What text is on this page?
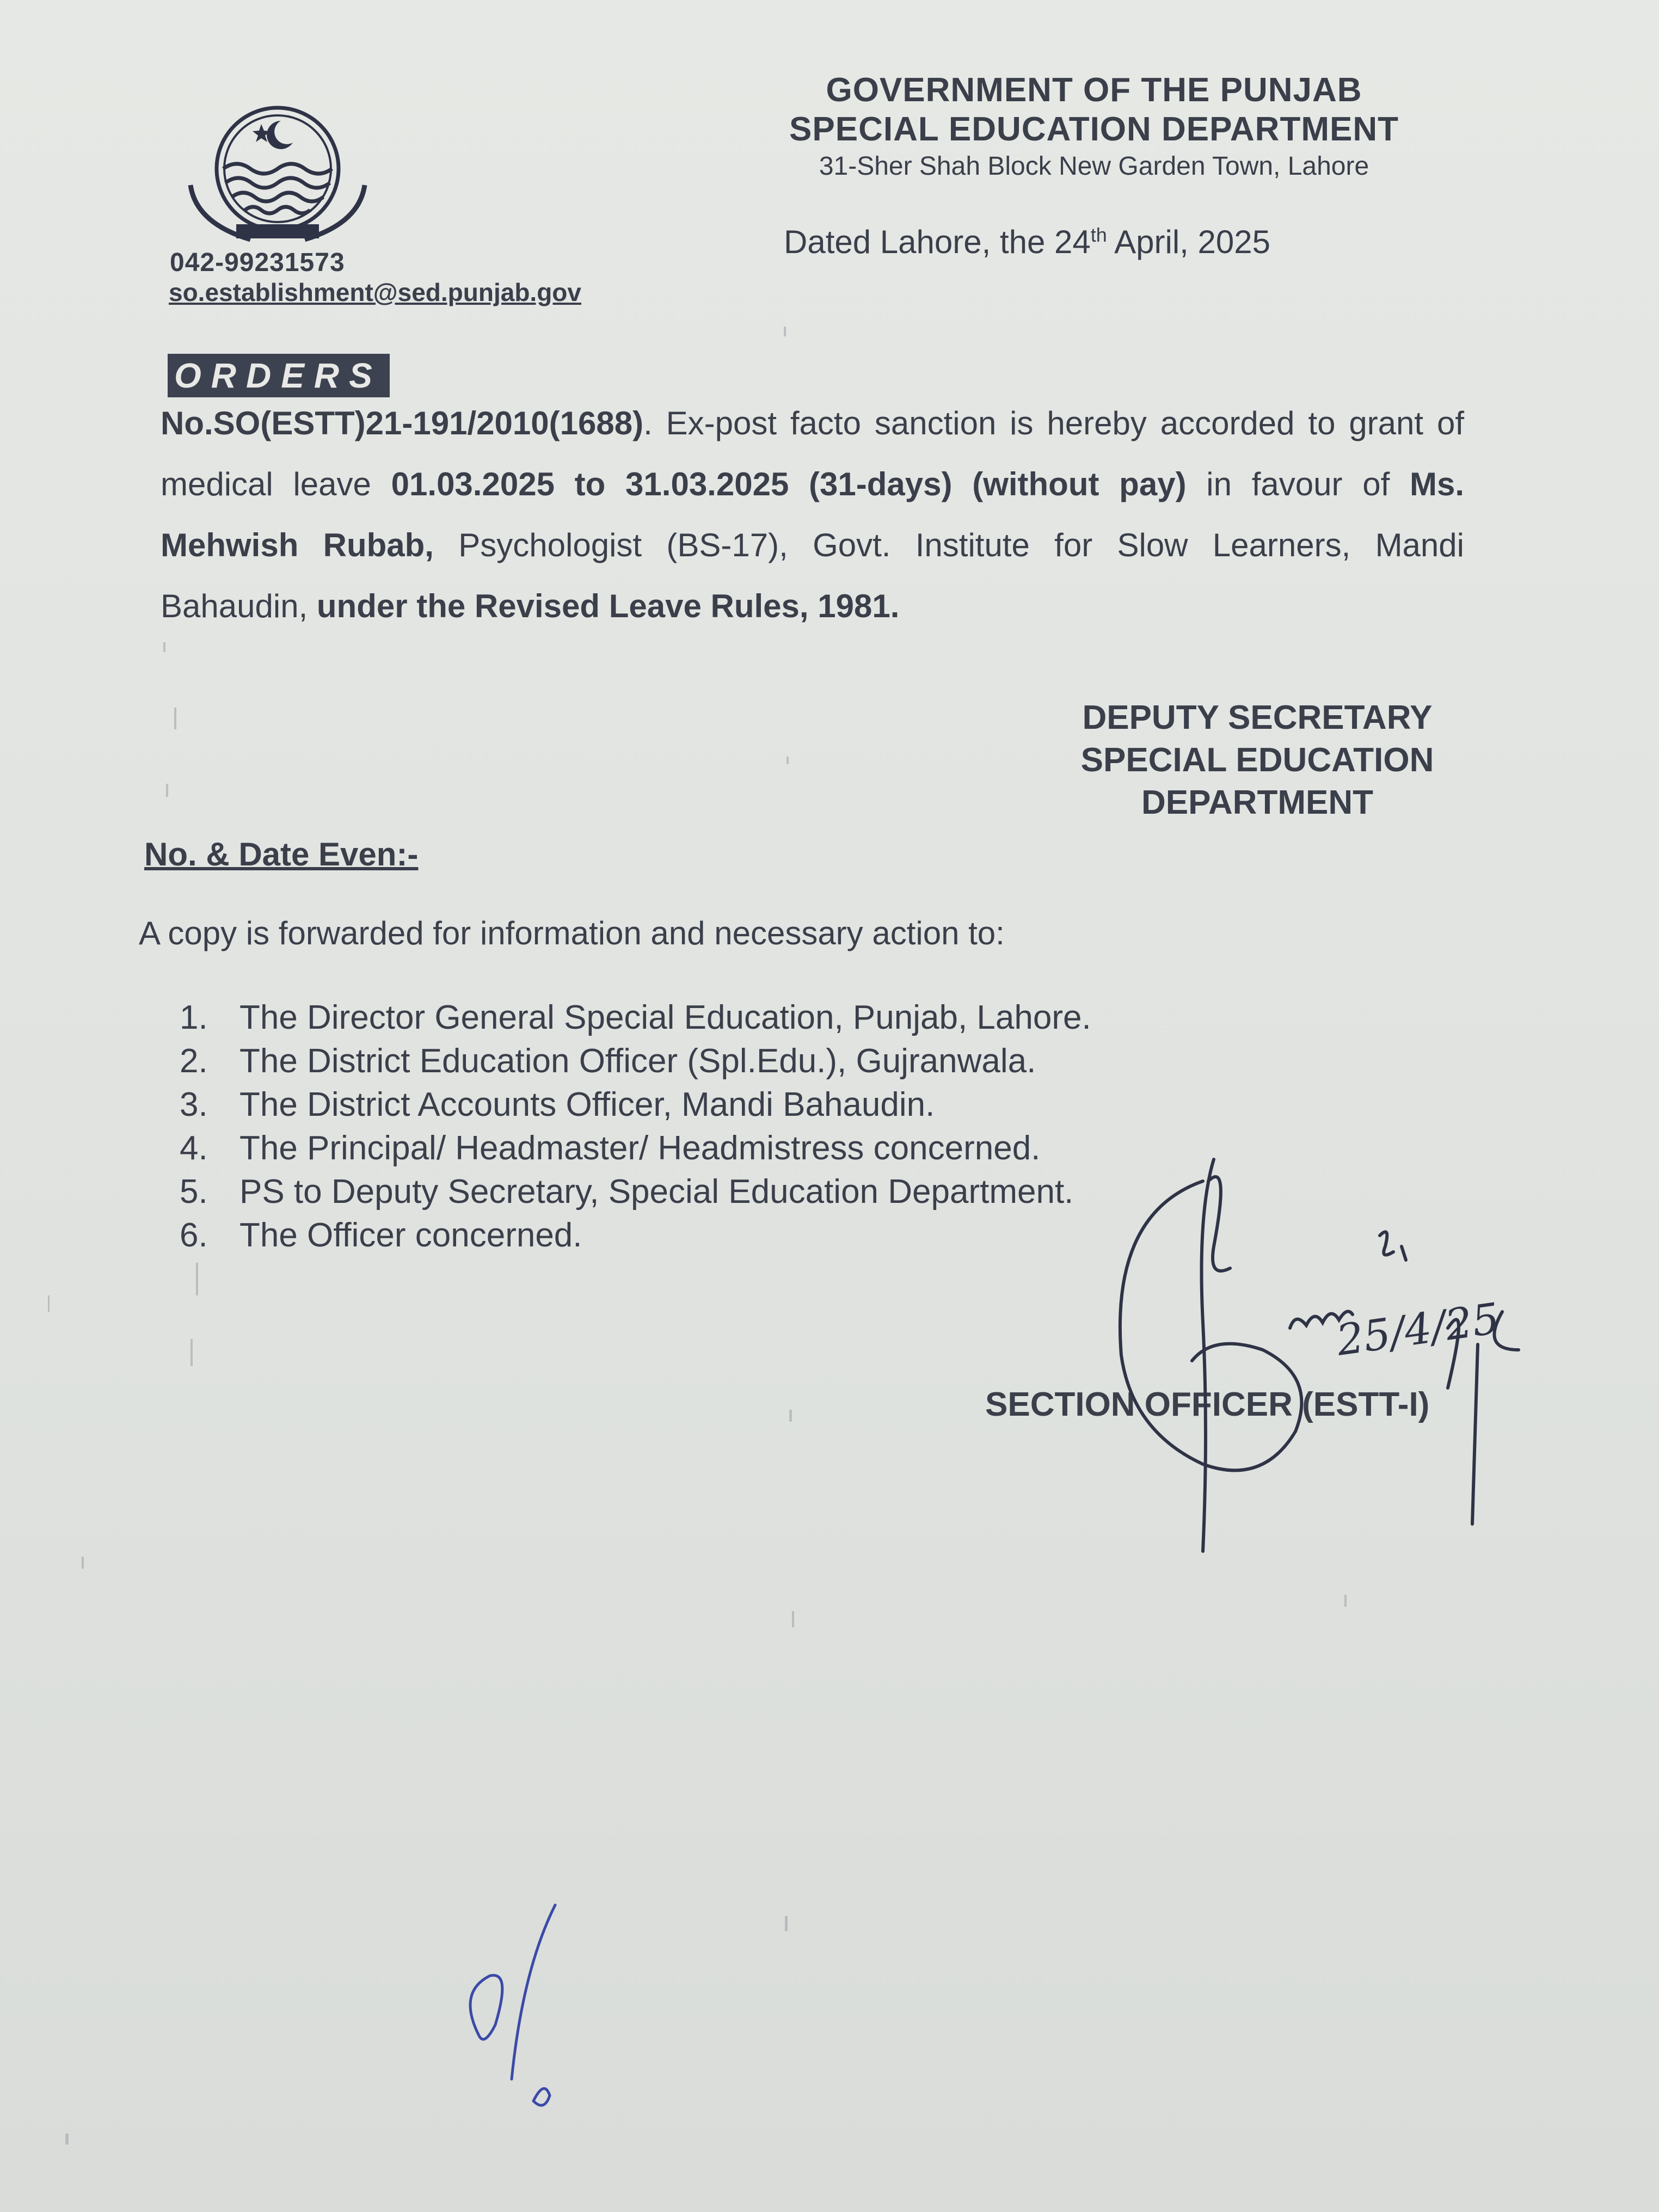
042-99231573
so.establishment@sed.punjab.gov
GOVERNMENT OF THE PUNJAB
SPECIAL EDUCATION DEPARTMENT
31-Sher Shah Block New Garden Town, Lahore
Dated Lahore, the 24th April, 2025
ORDERS
No.SO(ESTT)21-191/2010(1688). Ex-post facto sanction is hereby accorded to grant of medical leave 01.03.2025 to 31.03.2025 (31-days) (without pay) in favour of Ms. Mehwish Rubab, Psychologist (BS-17), Govt. Institute for Slow Learners, Mandi Bahaudin, under the Revised Leave Rules, 1981.
DEPUTY SECRETARY
SPECIAL EDUCATION
DEPARTMENT
No. & Date Even:-
A copy is forwarded for information and necessary action to:
1. The Director General Special Education, Punjab, Lahore.
2. The District Education Officer (Spl.Edu.), Gujranwala.
3. The District Accounts Officer, Mandi Bahaudin.
4. The Principal/ Headmaster/ Headmistress concerned.
5. PS to Deputy Secretary, Special Education Department.
6. The Officer concerned.
SECTION OFFICER (ESTT-I)
25/4/25
